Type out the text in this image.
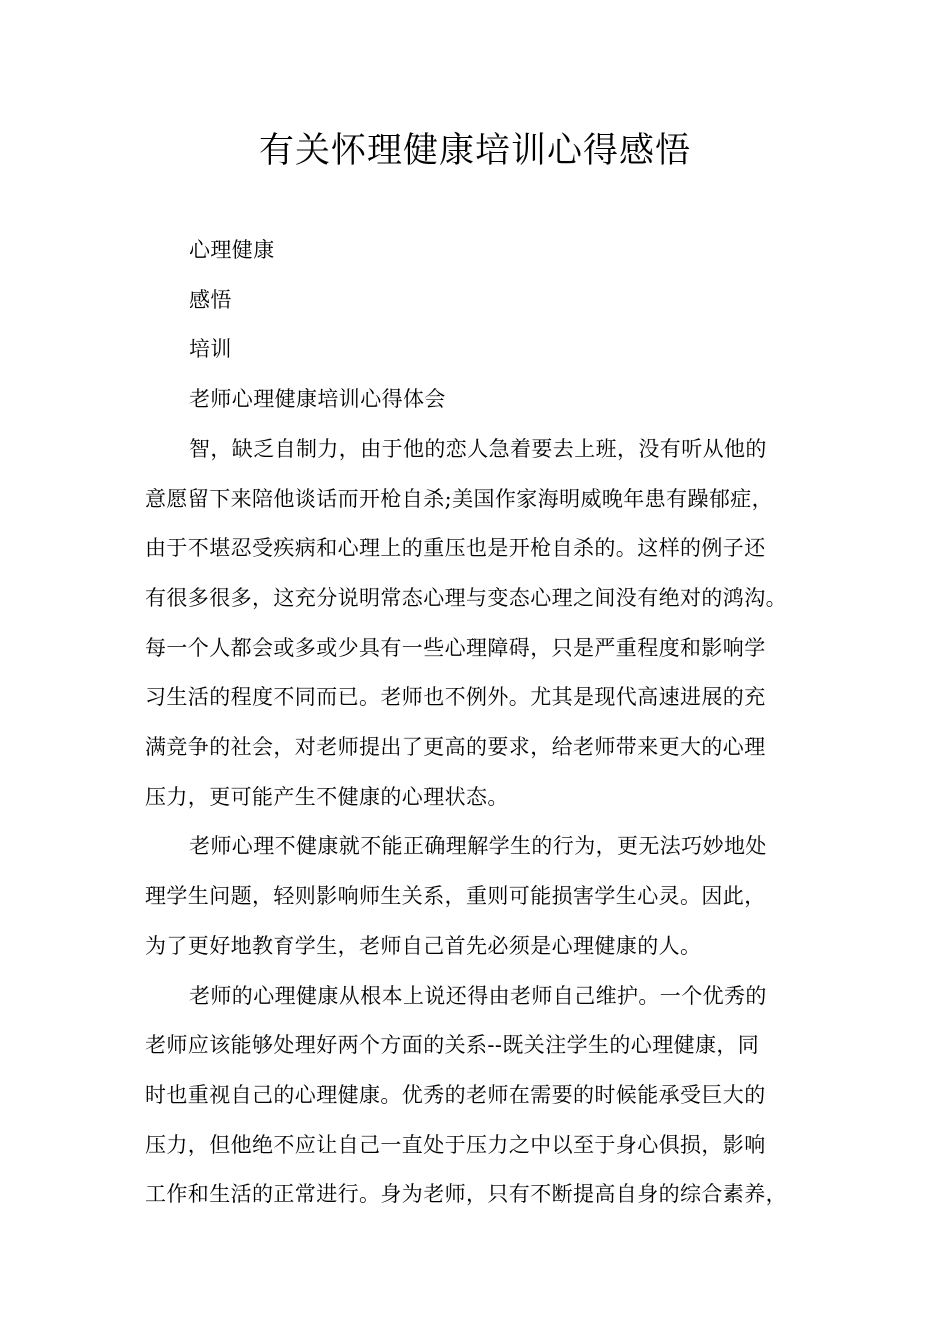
有关怀理健康培训心得感悟

心理健康

感悟

培训

老师心理健康培训心得体会

智，缺乏自制力，由于他的恋人急着要去上班，没有听从他的
意愿留下来陪他谈话而开枪自杀;美国作家海明威晚年患有躁郁症，
由于不堪忍受疾病和心理上的重压也是开枪自杀的。这样的例子还
有很多很多，这充分说明常态心理与变态心理之间没有绝对的鸿沟。
每一个人都会或多或少具有一些心理障碍，只是严重程度和影响学
习生活的程度不同而已。老师也不例外。尤其是现代高速进展的充
满竞争的社会，对老师提出了更高的要求，给老师带来更大的心理
压力，更可能产生不健康的心理状态。

老师心理不健康就不能正确理解学生的行为，更无法巧妙地处
理学生问题，轻则影响师生关系，重则可能损害学生心灵。因此，
为了更好地教育学生，老师自己首先必须是心理健康的人。

老师的心理健康从根本上说还得由老师自己维护。一个优秀的
老师应该能够处理好两个方面的关系--既关注学生的心理健康，同
时也重视自己的心理健康。优秀的老师在需要的时候能承受巨大的
压力，但他绝不应让自己一直处于压力之中以至于身心俱损，影响
工作和生活的正常进行。身为老师，只有不断提高自身的综合素养，
